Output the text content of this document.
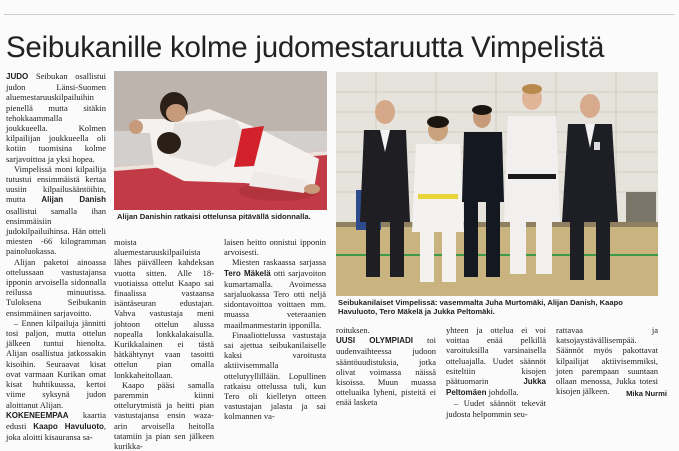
Seibukanille kolme judomestaruutta Vimpelistä

JUDO Seibukan osallistui judon Länsi-Suomen aluemestaruuskilpailuihin pienellä mutta sitäkin tehokkaammalla joukkueella. Kolmen kilpailijan joukkueella oli kotiin tuomisina kolme sarjavoittoa ja yksi hopea.

Vimpelissä moni kilpailija tutustui ensimmäistä kertaa uusiin kilpailusääntöihin, mutta Alijan Danish osallistui samalla ihan ensimmäisiin judokilpailuihinsa. Hän otteli miesten -66 kilogramman painoluokassa.

Alijan paketoi ainoassa ottelussaan vastustajansa ipponin arvoisella sidonnalla reilussa minuutissa. Tuloksena Seibukanin ensimmäinen sarjavoitto.

– Ennen kilpailuja jännitti tosi paljon, mutta ottelun jälkeen tuntui hienolta. Alijan osallistua jatkossakin kisoihin. Seuraavat kisat ovat varmaan Kurikan omat kisat huhtikuussa, kertoi viime syksynä judon aloittanut Alijan.

KOKENEEMPAA kaartia edusti Kaapo Havuluoto, joka aloitti kisauransa sa-

Alijan Danishin ratkaisi ottelunsa pitävällä sidonnalla.

moista aluemestaruuskilpailuista lähes päivälleen kahdeksan vuotta sitten. Alle 18-vuotiaissa ottelut Kaapo sai finaalissa vastaansa isäntäseuran edustajan. Vahva vastustaja meni johtoon ottelun alussa nopealla lonkkalakaisulla. Kurikkalainen ei tästä hätkähtynyt vaan tasoitti ottelun pian omalla lonkkaheitollaan.

Kaapo pääsi samalla paremmin kiinni ottelurytmistä ja heitti pian vastustajansa ensin waza-arin arvoisella heitolla tatamiin ja pian sen jälkeen kurikka-

laisen heitto onnistui ipponin arvoisesti.

Miesten raskaassa sarjassa Tero Mäkelä otti sarjavoiton kumartamalla. Avoimessa sarjaluokassa Tero otti neljä sidontavoittoa voittaen mm. muassa veteraanien maailmanmestarin ipponilla.

Finaaliottelussa vastustaja sai ajettua seibukanilaiselle kaksi varoitusta aktiivisemmalla ottelutyyllillään. Lopullinen ratkaisu ottelussa tuli, kun Tero oli kielletyn otteen vastustajan jalasta ja sai kolmannen va-

Seibukanilaiset Vimpelissä: vasemmalta Juha Murtomäki, Alijan Danish, Kaapo Havuluoto, Tero Mäkelä ja Jukka Peltomäki.

roituksen.

UUSI OLYMPIADI toi uudenvaihteessa judoon sääntöuudistuksia, jotka olivat voimassa näissä kisoissa. Muun muassa otteluaika lyheni, pisteitä ei enää lasketa

yhteen ja ottelua ei voi voittaa enää pelkillä varoituksilla varsinaisella otteluajalla. Uudet säännöt esiteltiin kisojen päätuomarin Jukka Peltomäen johdolla.

– Uudet säännöt tekevät judosta helpommin seu-

rattavaa ja katsojaystävällisempää. Säännöt myös pakottavat kilpailijat aktiivisemmiksi, joten parempaan suuntaan ollaan menossa, Jukka totesi kisojen jälkeen.	Mika Nurmi
